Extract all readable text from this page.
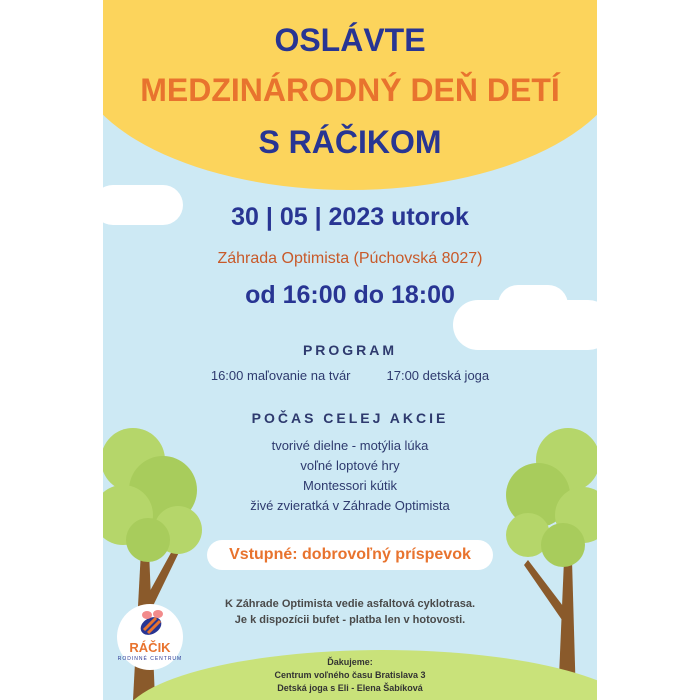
OSLÁVTE
MEDZINÁRODNÝ DEŇ DETÍ
S RÁČIKOM
30 | 05 | 2023 utorok
Záhrada Optimista (Púchovská 8027)
od 16:00 do 18:00
PROGRAM
16:00 maľovanie na tvár	17:00 detská joga
POČAS CELEJ AKCIE
tvorivé dielne - motýlia lúka
voľné loptové hry
Montessori kútik
živé zvieratká v Záhrade Optimista
Vstupné: dobrovoľný príspevok
K Záhrade Optimista vedie asfaltová cyklotrasa.
Je k dispozícii bufet - platba len v hotovosti.
Ďakujeme:
Centrum voľného času Bratislava 3
Detská joga s Eli - Elena Šabíková
RÁČIK
RODINNÉ CENTRUM
